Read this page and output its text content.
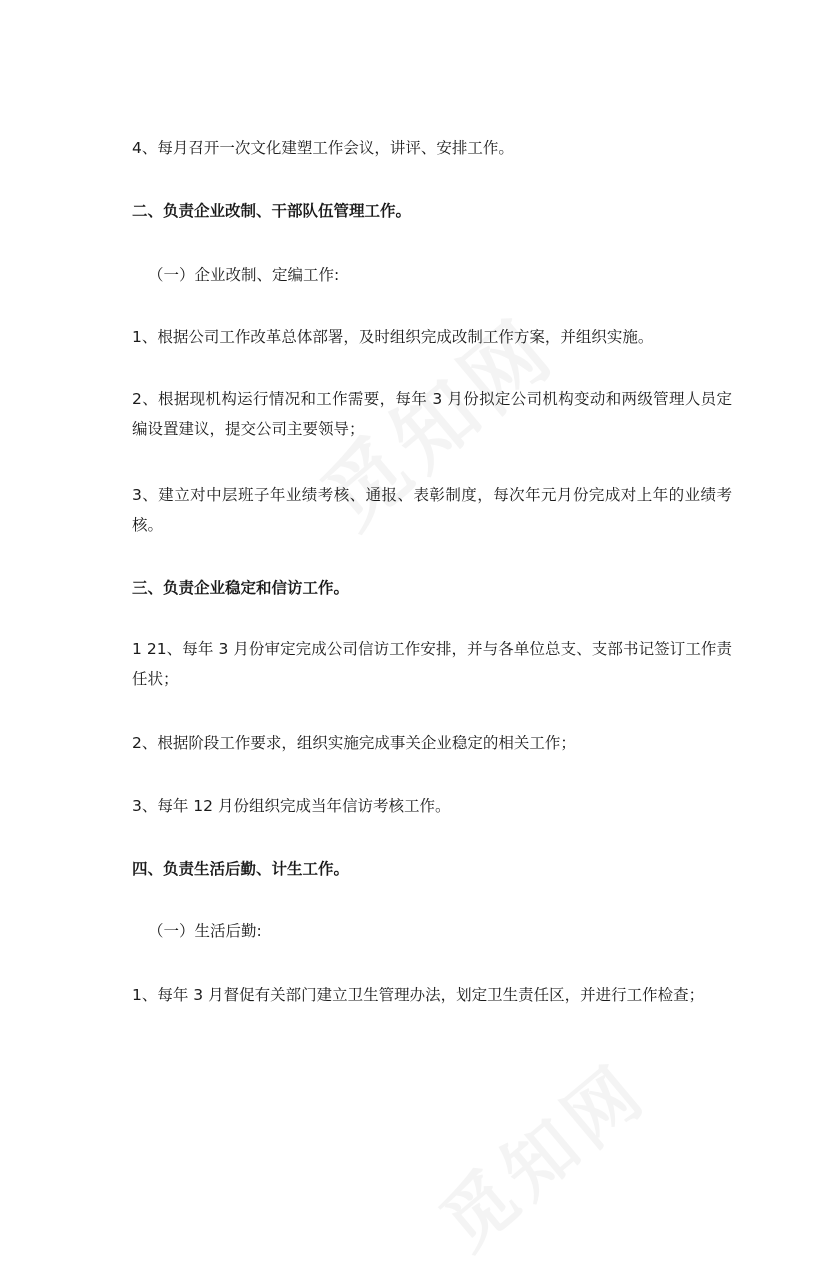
4、每月召开一次文化建塑工作会议，讲评、安排工作。

二、负责企业改制、干部队伍管理工作。

（一）企业改制、定编工作:

1、根据公司工作改革总体部署，及时组织完成改制工作方案，并组织实施。

2、根据现机构运行情况和工作需要，每年 3 月份拟定公司机构变动和两级管理人员定编设置建议，提交公司主要领导；

3、建立对中层班子年业绩考核、通报、表彰制度，每次年元月份完成对上年的业绩考核。

三、负责企业稳定和信访工作。

1 21、每年 3 月份审定完成公司信访工作安排，并与各单位总支、支部书记签订工作责任状；

2、根据阶段工作要求，组织实施完成事关企业稳定的相关工作；

3、每年 12 月份组织完成当年信访考核工作。

四、负责生活后勤、计生工作。

（一）生活后勤:

1、每年 3 月督促有关部门建立卫生管理办法，划定卫生责任区，并进行工作检查；
